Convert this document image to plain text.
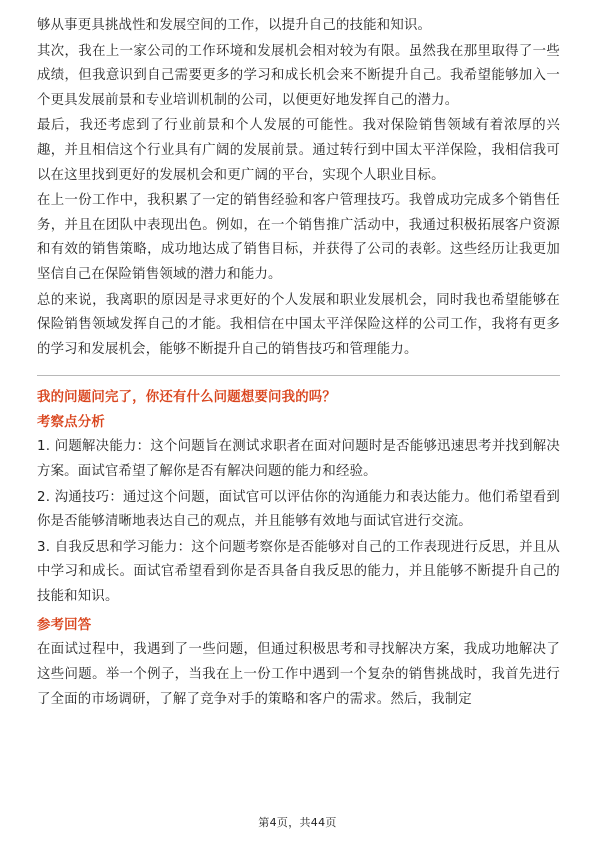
够从事更具挑战性和发展空间的工作，以提升自己的技能和知识。

其次，我在上一家公司的工作环境和发展机会相对较为有限。虽然我在那里取得了一些成绩，但我意识到自己需要更多的学习和成长机会来不断提升自己。我希望能够加入一个更具发展前景和专业培训机制的公司，以便更好地发挥自己的潜力。

最后，我还考虑到了行业前景和个人发展的可能性。我对保险销售领域有着浓厚的兴趣，并且相信这个行业具有广阔的发展前景。通过转行到中国太平洋保险，我相信我可以在这里找到更好的发展机会和更广阔的平台，实现个人职业目标。

在上一份工作中，我积累了一定的销售经验和客户管理技巧。我曾成功完成多个销售任务，并且在团队中表现出色。例如，在一个销售推广活动中，我通过积极拓展客户资源和有效的销售策略，成功地达成了销售目标，并获得了公司的表彰。这些经历让我更加坚信自己在保险销售领域的潜力和能力。

总的来说，我离职的原因是寻求更好的个人发展和职业发展机会，同时我也希望能够在保险销售领域发挥自己的才能。我相信在中国太平洋保险这样的公司工作，我将有更多的学习和发展机会，能够不断提升自己的销售技巧和管理能力。

我的问题问完了，你还有什么问题想要问我的吗？
考察点分析

1. 问题解决能力：这个问题旨在测试求职者在面对问题时是否能够迅速思考并找到解决方案。面试官希望了解你是否有解决问题的能力和经验。

2. 沟通技巧：通过这个问题，面试官可以评估你的沟通能力和表达能力。他们希望看到你是否能够清晰地表达自己的观点，并且能够有效地与面试官进行交流。

3. 自我反思和学习能力：这个问题考察你是否能够对自己的工作表现进行反思，并且从中学习和成长。面试官希望看到你是否具备自我反思的能力，并且能够不断提升自己的技能和知识。

参考回答

在面试过程中，我遇到了一些问题，但通过积极思考和寻找解决方案，我成功地解决了这些问题。举一个例子，当我在上一份工作中遇到一个复杂的销售挑战时，我首先进行了全面的市场调研，了解了竞争对手的策略和客户的需求。然后，我制定

第4页，共44页
